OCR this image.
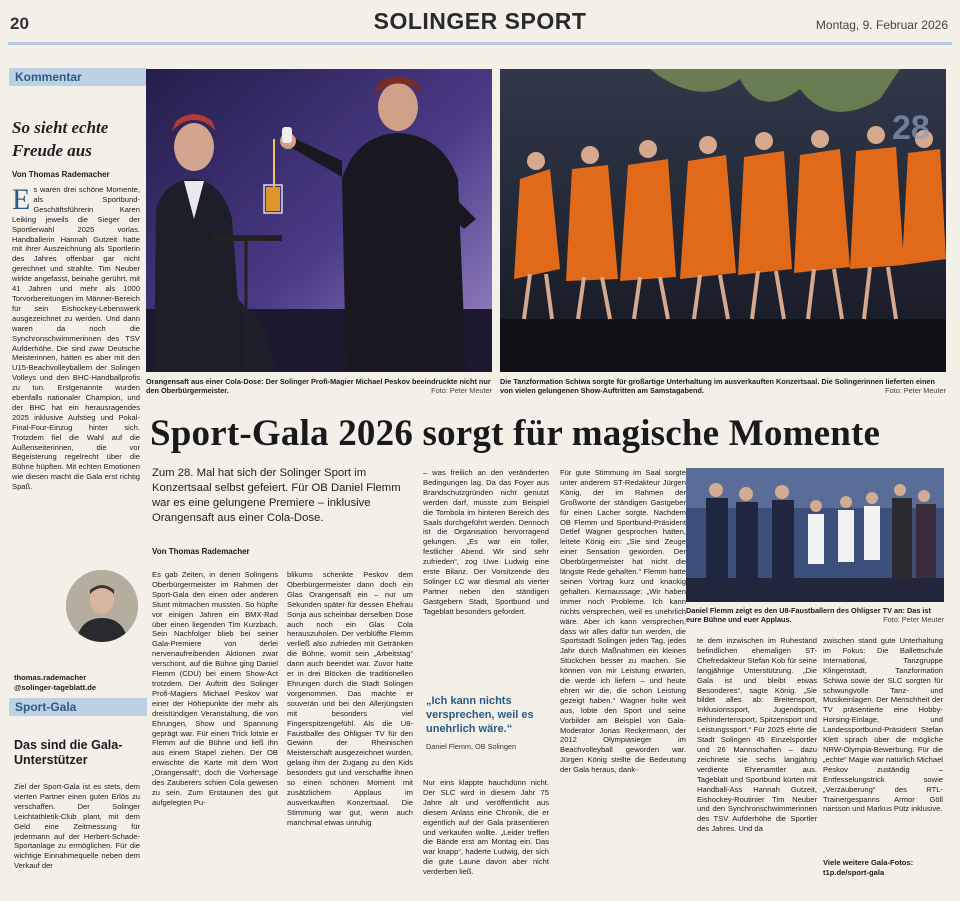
20	SOLINGER SPORT	Montag, 9. Februar 2026
Kommentar
So sieht echte
Freude aus
Von Thomas Rademacher
E s waren drei schöne Momente, als Sportbund-Geschäftsführerin Karen Leiking jeweils die Sieger der Sportlerwahl 2025 vorlas. Handballerin Hannah Gutzeit hatte mit ihrer Auszeichnung als Sportlerin des Jahres offenbar gar nicht gerechnet und strahlte. Tim Neuber wirkte angefasst, beinahe gerührt, mit 41 Jahren und mehr als 1000 Torvorbereitungen im Männer-Bereich für sein Eishockey-Lebenswerk ausgezeichnet zu werden. Und dann waren da noch die Synchronschwimmerinnen des TSV Aufderhöhe. Die sind zwar Deutsche Meisterinnen, hatten es aber mit den U15-Beachvolleyballern der Solingen Volleys und den BHC-Handballprofis zu tun. Erstgenannte wurden ebenfalls nationaler Champion, und der BHC hat ein herausragendes 2025 inklusive Aufstieg und Pokal-Final-Four-Einzug hinter sich. Trotzdem fiel die Wahl auf die Außenseiterinnen, die vor Begeisterung regelrecht über die Bühne hüpften. Mit echten Emotionen wie diesen macht die Gala erst richtig Spaß.
thomas.rademacher
@solinger-tageblatt.de
Sport-Gala
Das sind die Gala-
Unterstützer
Ziel der Sport-Gala ist es stets, dem vierten Partner einen guten Erlös zu verschaffen. Der Solinger Leichtathletik-Club plant, mit dem Geld eine Zeitmessung für jedermann auf der Herbert-Schade-Sportanlage zu ermöglichen. Für die wichtige Einnahmequelle neben dem Verkauf der
Orangensaft aus einer Cola-Dose: Der Solinger Profi-Magier Michael Peskov beeindruckte nicht nur den Oberbürgermeister.	Foto: Peter Meuter
28
Die Tanzformation Schiwa sorgte für großartige Unterhaltung im ausverkauften Konzertsaal. Die Solingerinnen lieferten einen von vielen gelungenen Show-Auftritten am Samstagabend.	Foto: Peter Meuter
Sport-Gala 2026 sorgt für magische Momente
Zum 28. Mal hat sich der Solinger Sport im Konzertsaal selbst gefeiert. Für OB Daniel Flemm war es eine gelungene Premiere – inklusive Orangensaft aus einer Cola-Dose.
Von Thomas Rademacher
Es gab Zeiten, in denen Solingens Oberbürgermeister im Rahmen der Sport-Gala den einen oder anderen Stunt mitmachen mussten. So hüpfte vor einigen Jahren ein BMX-Rad über einen liegenden Tim Kurzbach. Sein Nachfolger blieb bei seiner Gala-Premiere von derlei nervenaufreibenden Aktionen zwar verschont, auf die Bühne ging Daniel Flemm (CDU) bei einem Show-Act trotzdem. Der Auftritt des Solinger Profi-Magiers Michael Peskov war einer der Höhepunkte der mehr als dreistündigen Veranstaltung, die von Ehrungen, Show und Spannung geprägt war. Für einen Trick lotste er Flemm auf die Bühne und ließ ihn aus einem Stapel ziehen. Der OB erwischte die Karte mit dem Wort „Orangensaft“, doch die Vorhersage des Zauberers schien Cola gewesen zu sein. Zum Erstaunen des gut aufgelegten Pu-
blikums schenkte Peskov dem Oberbürgermeister dann doch ein Glas Orangensaft ein – nur um Sekunden später für dessen Ehefrau Sonja aus scheinbar derselben Dose auch noch ein Glas Cola herauszuholen. Der verblüffte Flemm verließ also zufrieden mit Getränken die Bühne, womit sein „Arbeitstag“ dann auch beendet war. Zuvor hatte er in drei Blöcken die traditionellen Ehrungen durch die Stadt Solingen vorgenommen. Das machte er souverän und bei den Allerjüngsten mit besonders viel Fingerspitzengefühl. Als die U8-Faustballer des Ohligser TV für den Gewinn der Rheinischen Meisterschaft ausgezeichnet wurden, gelang ihm der Zugang zu den Kids besonders gut und verschaffte ihnen so einen schönen Moment mit zusätzlichem Applaus im ausverkauften Konzertsaal. Die Stimmung war gut, wenn auch manchmal etwas unruhig
– was freilich an den veränderten Bedingungen lag. Da das Foyer aus Brandschutzgründen nicht genutzt werden darf, musste zum Beispiel die Tombola im hinteren Bereich des Saals durchgeführt werden. Dennoch ist die Organisation hervorragend gelungen. „Es war ein toller, festlicher Abend. Wir sind sehr zufrieden“, zog Uwe Ludwig eine erste Bilanz. Der Vorsitzende des Solinger LC war diesmal als vierter Partner neben den ständigen Gastgebern Stadt, Sportbund und Tageblatt besonders gefordert.
„Ich kann nichts versprechen, weil es unehrlich wäre.“
Daniel Flemm, OB Solingen
Nur eins klappte hauchdünn nicht. Der SLC wird in diesem Jahr 75 Jahre alt und veröffentlicht aus diesem Anlass eine Chronik, die er eigentlich auf der Gala präsentieren und verkaufen wollte. „Leider treffen die Bände erst am Montag ein. Das war knapp“, haderte Ludwig, der sich die gute Laune davon aber nicht verderben ließ.
Für gute Stimmung im Saal sorgte unter anderem ST-Redakteur Jürgen König, der im Rahmen der Großworte der ständigen Gastgeber für einen Lacher sorgte. Nachdem OB Flemm und Sportbund-Präsident Detlef Wagner gesprochen hatten, leitete König ein: „Sie sind Zeuge einer Sensation geworden. Der Oberbürgermeister hat nicht die längste Rede gehalten.“ Flemm hatte seinen Vortrag kurz und knackig gehalten. Kernaussage: „Wir haben immer noch Probleme. Ich kann nichts versprechen, weil es unehrlich wäre. Aber ich kann versprechen, dass wir alles dafür tun werden, die Sportstadt Solingen jeden Tag, jedes Jahr durch Maßnahmen ein kleines Stückchen besser zu machen. Sie können von mir Leistung erwarten, die werde ich liefern – und heute ehren wir die, die schon Leistung gezeigt haben.“ Wagner holte weit aus, lobte den Sport und seine Vorbilder am Beispiel von Gala-Moderator Jonas Reckermann, der 2012 Olympiasieger im Beachvolleyball geworden war. Jürgen König stellte die Bedeutung der Gala heraus, dank-
Daniel Flemm zeigt es den U8-Faustballern des Ohligser TV an: Das ist eure Bühne und euer Applaus.	Foto: Peter Meuter
te dem inzwischen im Ruhestand befindlichen ehemaligen ST-Chefredakteur Stefan Kob für seine langjährige Unterstützung. „Die Gala ist und bleibt etwas Besonderes“, sagte König. „Sie bildet alles ab: Breitensport, Inklusionssport, Jugendsport, Behindertensport, Spitzensport und Leistungssport.“ Für 2025 ehrte die Stadt Solingen 45 Einzelsportler und 26 Mannschaften – dazu zeichnete sie sechs langjährig verdiente Ehrenamtler aus. Tageblatt und Sportbund kürten mit Handball-Ass Hannah Gutzeit, Eishockey-Routinier Tim Neuber und den Synchronschwimmerinnen des TSV Aufderhöhe die Sportler des Jahres. Und da
zwischen stand gute Unterhaltung im Fokus: Die Ballettschule International, Tanzgruppe Klingenstadt, Tanzformation Schiwa sowie der SLC sorgten für schwungvolle Tanz- und Musikeinlagen. Der Menschheit der TV präsentierte eine Hobby-Horsing-Einlage, und Landessportbund-Präsident Stefan Klett sprach über die mögliche NRW-Olympia-Bewerbung. Für die „echte“ Magie war natürlich Michael Peskov zuständig – Entfesselungstrick sowie „Verzauberung“ des RTL-Trainergespanns Armor Göll narsson und Markus Pütz inklusive.
Viele weitere Gala-Fotos:
t1p.de/sport-gala
